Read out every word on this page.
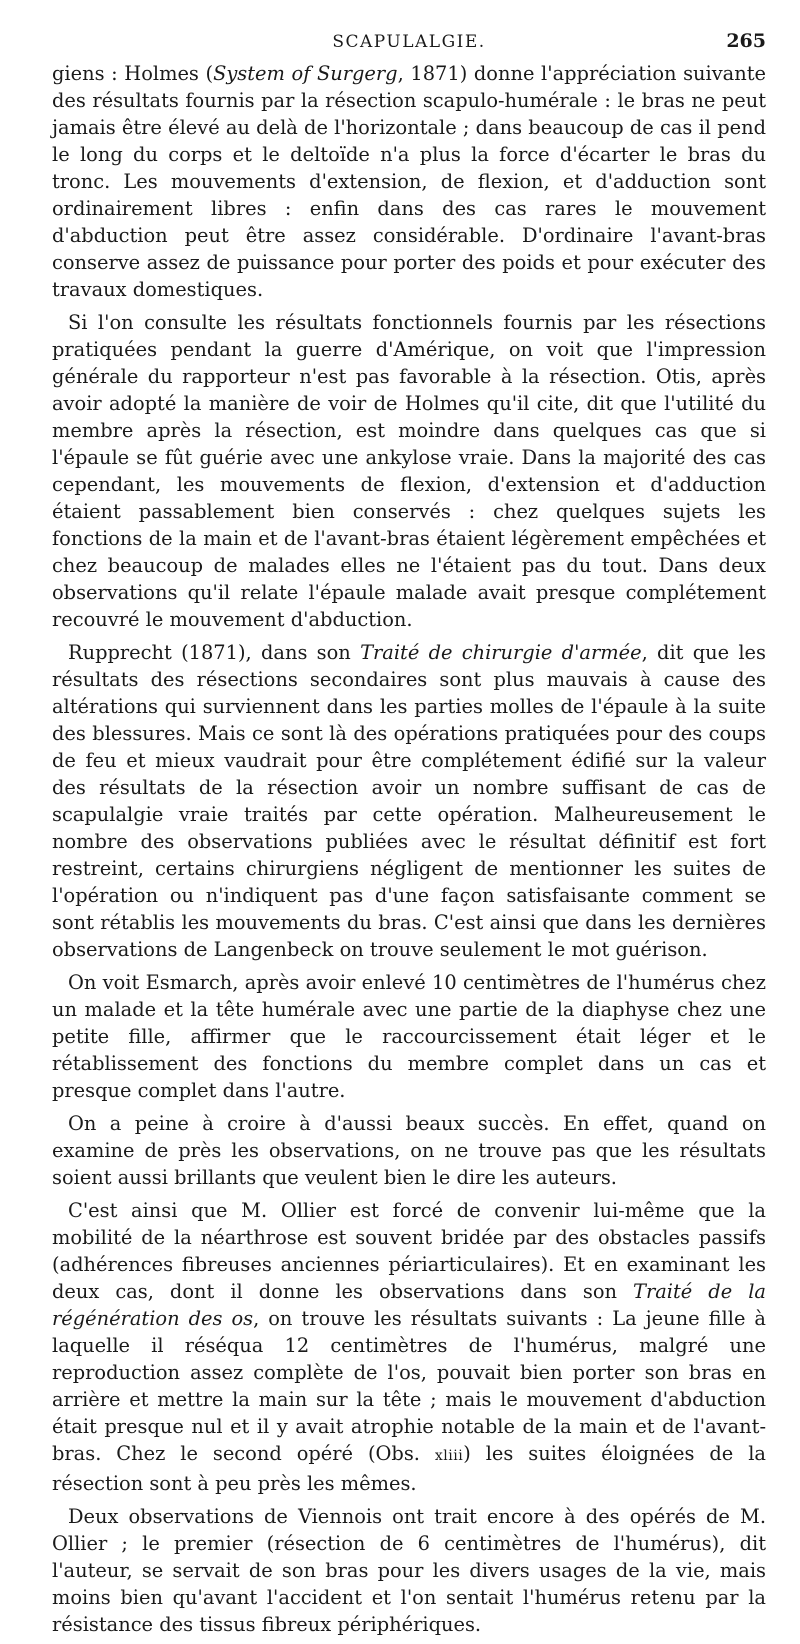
SCAPULALGIE.	265

giens : Holmes (System of Surgerg, 1871) donne l'appréciation suivante des résultats fournis par la résection scapulo-humérale : le bras ne peut jamais être élevé au delà de l'horizontale ; dans beaucoup de cas il pend le long du corps et le deltoïde n'a plus la force d'écarter le bras du tronc. Les mouvements d'extension, de flexion, et d'adduction sont ordinairement libres : enfin dans des cas rares le mouvement d'abduction peut être assez considérable. D'ordinaire l'avant-bras conserve assez de puissance pour porter des poids et pour exécuter des travaux domestiques.

Si l'on consulte les résultats fonctionnels fournis par les résections pratiquées pendant la guerre d'Amérique, on voit que l'impression générale du rapporteur n'est pas favorable à la résection. Otis, après avoir adopté la manière de voir de Holmes qu'il cite, dit que l'utilité du membre après la résection, est moindre dans quelques cas que si l'épaule se fût guérie avec une ankylose vraie. Dans la majorité des cas cependant, les mouvements de flexion, d'extension et d'adduction étaient passablement bien conservés : chez quelques sujets les fonctions de la main et de l'avant-bras étaient légèrement empêchées et chez beaucoup de malades elles ne l'étaient pas du tout. Dans deux observations qu'il relate l'épaule malade avait presque complétement recouvré le mouvement d'abduction.

Rupprecht (1871), dans son Traité de chirurgie d'armée, dit que les résultats des résections secondaires sont plus mauvais à cause des altérations qui surviennent dans les parties molles de l'épaule à la suite des blessures. Mais ce sont là des opérations pratiquées pour des coups de feu et mieux vaudrait pour être complétement édifié sur la valeur des résultats de la résection avoir un nombre suffisant de cas de scapulalgie vraie traités par cette opération. Malheureusement le nombre des observations publiées avec le résultat définitif est fort restreint, certains chirurgiens négligent de mentionner les suites de l'opération ou n'indiquent pas d'une façon satisfaisante comment se sont rétablis les mouvements du bras. C'est ainsi que dans les dernières observations de Langenbeck on trouve seulement le mot guérison.

On voit Esmarch, après avoir enlevé 10 centimètres de l'humérus chez un malade et la tête humérale avec une partie de la diaphyse chez une petite fille, affirmer que le raccourcissement était léger et le rétablissement des fonctions du membre complet dans un cas et presque complet dans l'autre.

On a peine à croire à d'aussi beaux succès. En effet, quand on examine de près les observations, on ne trouve pas que les résultats soient aussi brillants que veulent bien le dire les auteurs.

C'est ainsi que M. Ollier est forcé de convenir lui-même que la mobilité de la néarthrose est souvent bridée par des obstacles passifs (adhérences fibreuses anciennes périarticulaires). Et en examinant les deux cas, dont il donne les observations dans son Traité de la régénération des os, on trouve les résultats suivants : La jeune fille à laquelle il réséqua 12 centimètres de l'humérus, malgré une reproduction assez complète de l'os, pouvait bien porter son bras en arrière et mettre la main sur la tête ; mais le mouvement d'abduction était presque nul et il y avait atrophie notable de la main et de l'avant-bras. Chez le second opéré (Obs. xliii) les suites éloignées de la résection sont à peu près les mêmes.

Deux observations de Viennois ont trait encore à des opérés de M. Ollier ; le premier (résection de 6 centimètres de l'humérus), dit l'auteur, se servait de son bras pour les divers usages de la vie, mais moins bien qu'avant l'accident et l'on sentait l'humérus retenu par la résistance des tissus fibreux périphériques.
